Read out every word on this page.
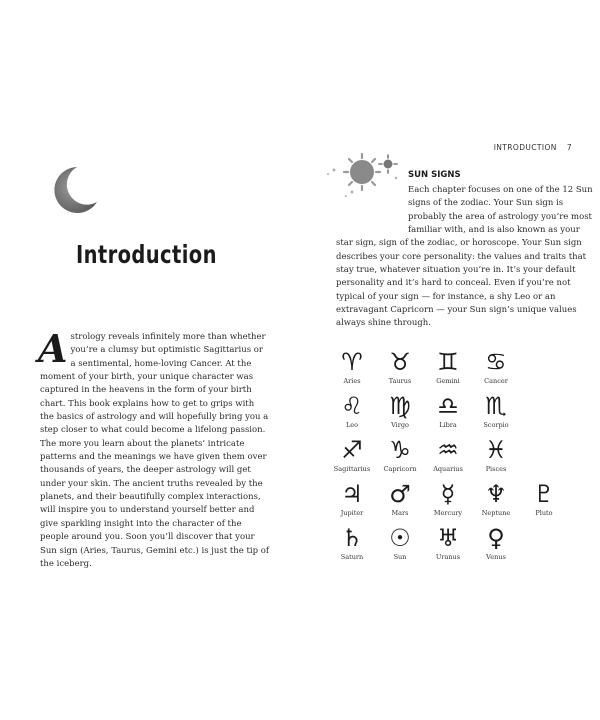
Introduction

Astrology reveals infinitely more than whether you’re a clumsy but optimistic Sagittarius or a sentimental, home-loving Cancer. At the moment of your birth, your unique character was captured in the heavens in the form of your birth chart. This book explains how to get to grips with the basics of astrology and will hopefully bring you a step closer to what could become a lifelong passion. The more you learn about the planets’ intricate patterns and the meanings we have given them over thousands of years, the deeper astrology will get under your skin. The ancient truths revealed by the planets, and their beautifully complex interactions, will inspire you to understand yourself better and give sparkling insight into the character of the people around you. Soon you’ll discover that your Sun sign (Aries, Taurus, Gemini etc.) is just the tip of the iceberg.

INTRODUCTION 7
SUN SIGNS

Each chapter focuses on one of the 12 Sun signs of the zodiac. Your Sun sign is probably the area of astrology you’re most familiar with, and is also known as your star sign, sign of the zodiac, or horoscope. Your Sun sign describes your core personality: the values and traits that stay true, whatever situation you’re in. It’s your default personality and it’s hard to conceal. Even if you’re not typical of your sign — for instance, a shy Leo or an extravagant Capricorn — your Sun sign’s unique values always shine through.

♈
Aries
♉
Taurus
♊
Gemini
♋
Cancer
♌
Leo
♍
Virgo
♎
Libra
♏
Scorpio
♐
Sagittarius
♑
Capricorn
♒
Aquarius
♓
Pisces
♃
Jupiter
♂
Mars
☿
Mercury
♆
Neptune
♇
Pluto
♄
Saturn
☉
Sun
♅
Uranus
♀
Venus
